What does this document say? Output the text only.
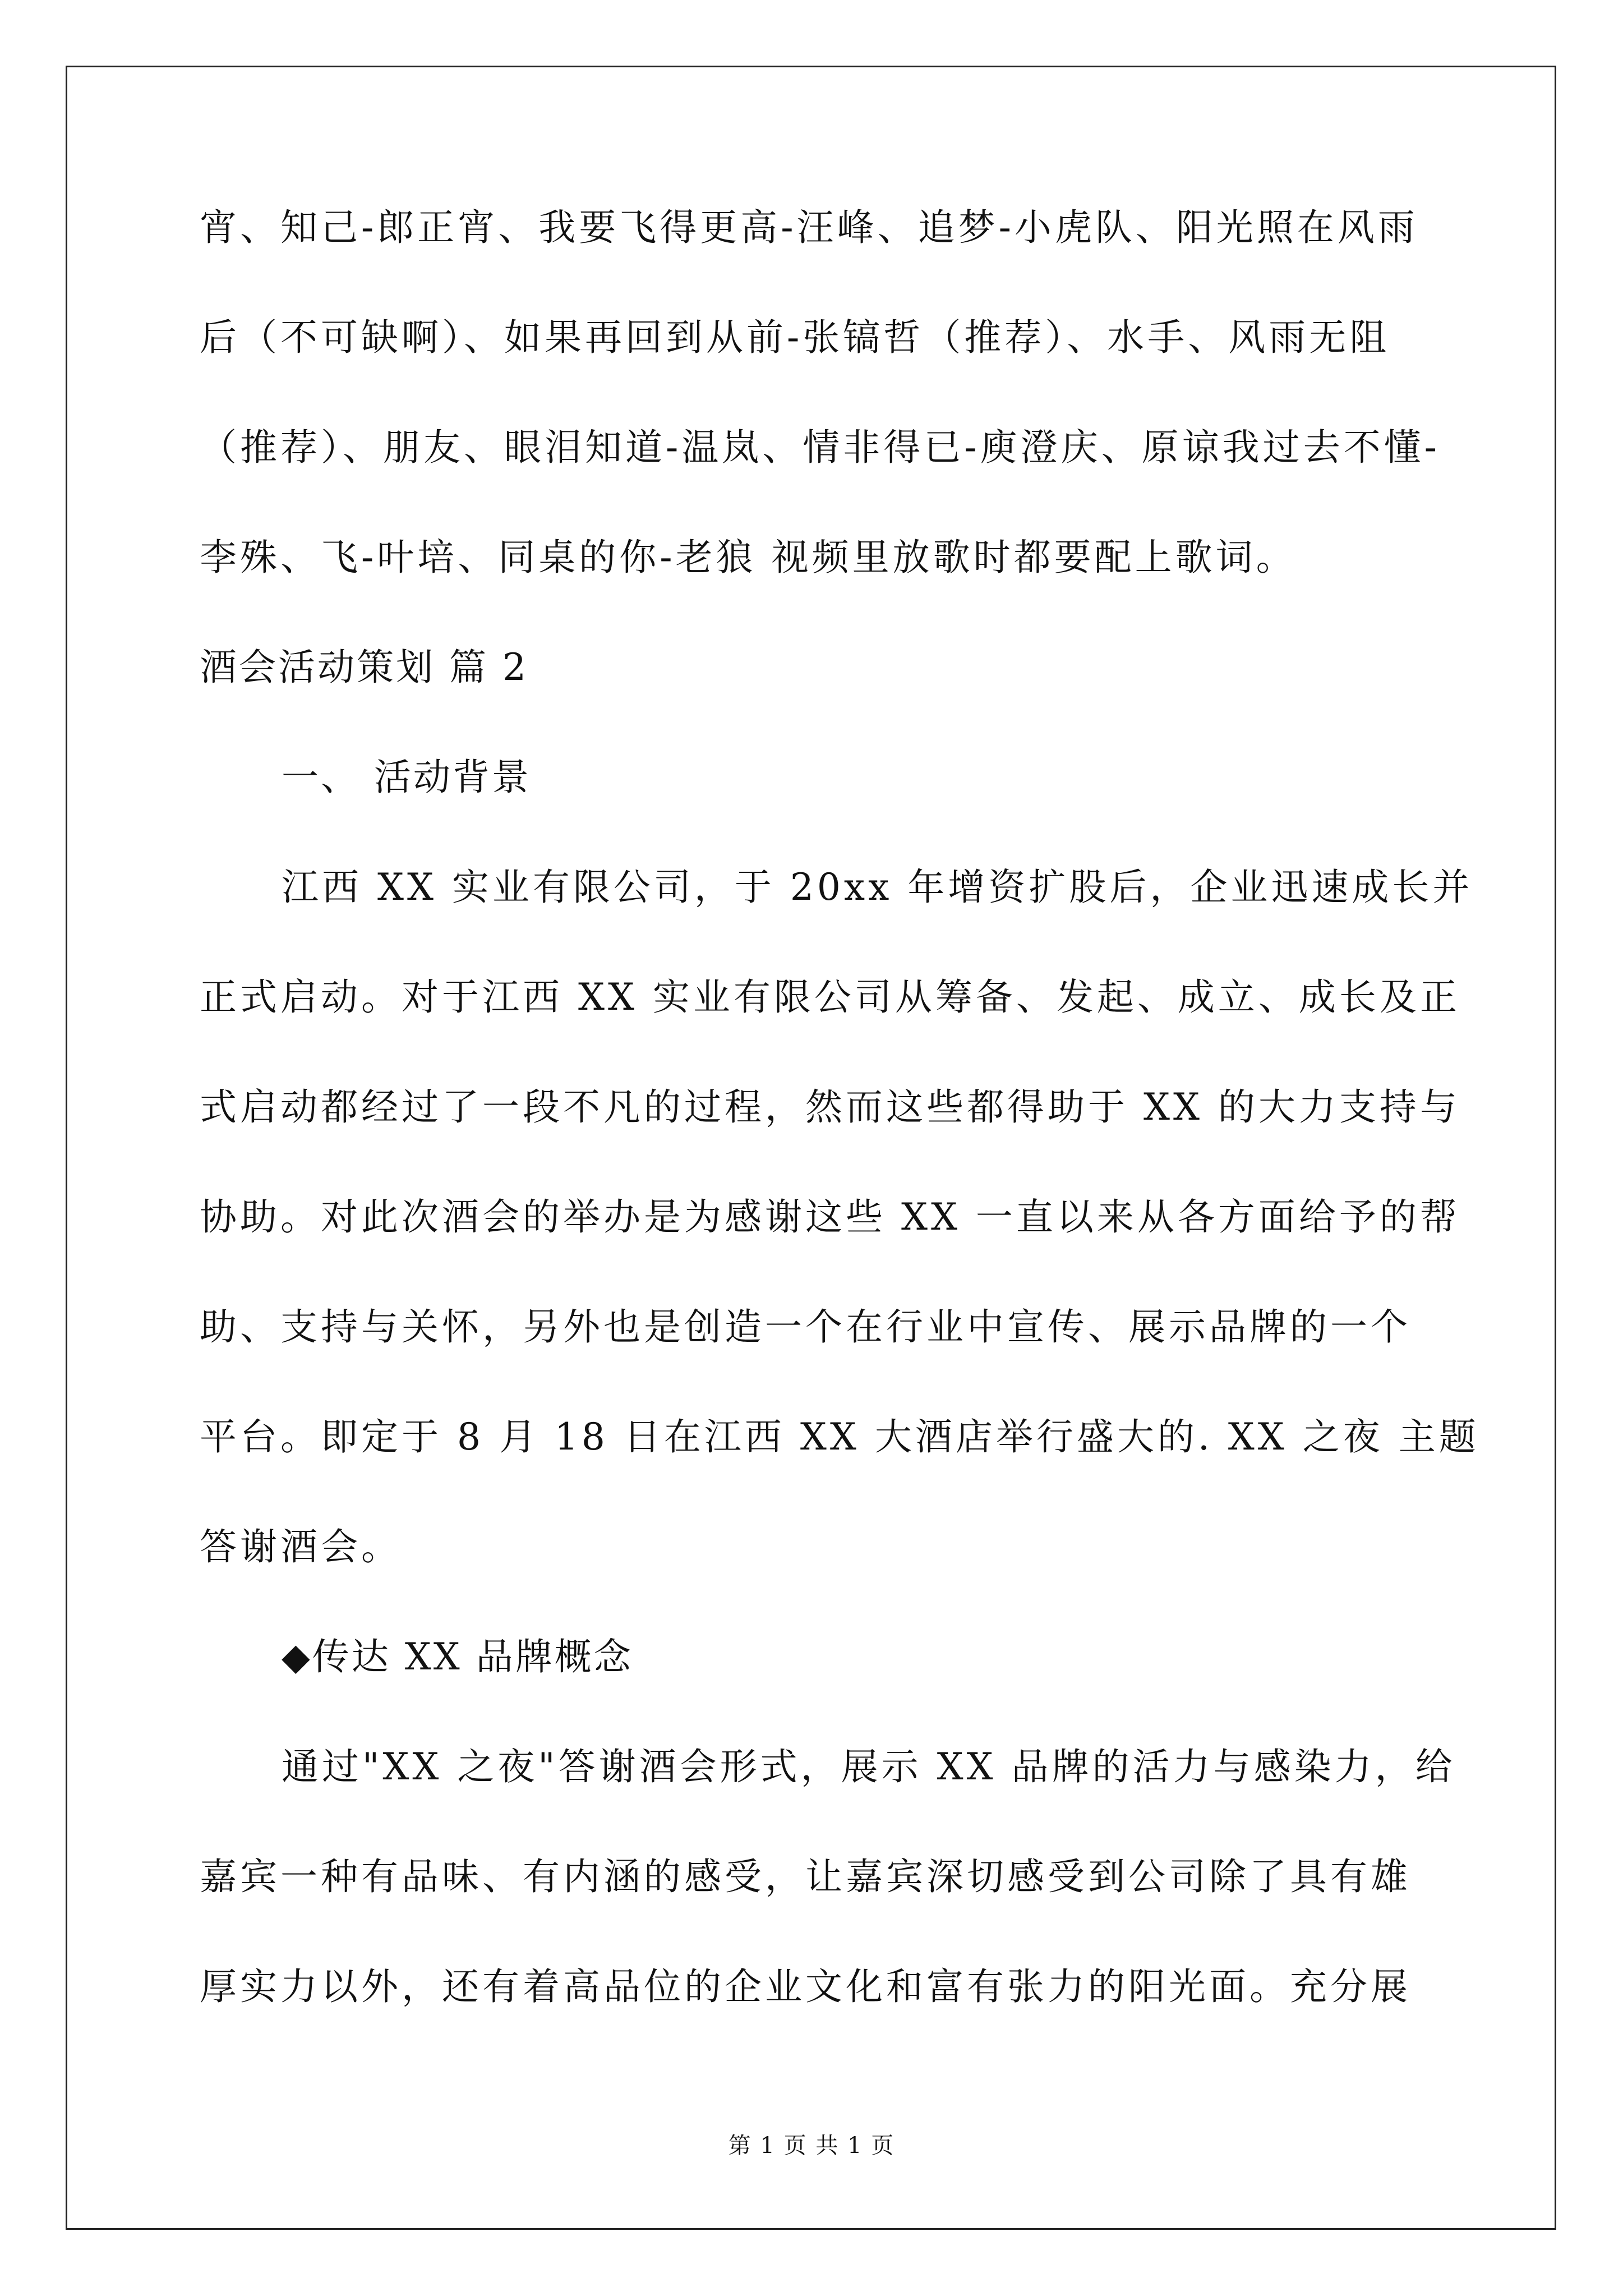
宵、知己-郎正宵、我要飞得更高-汪峰、追梦-小虎队、阳光照在风雨

后（不可缺啊）、如果再回到从前-张镐哲（推荐）、水手、风雨无阻

（推荐）、朋友、眼泪知道-温岚、情非得已-庾澄庆、原谅我过去不懂-

李殊、飞-叶培、同桌的你-老狼 视频里放歌时都要配上歌词。

酒会活动策划 篇 2

一、 活动背景

江西 XX 实业有限公司，于 20xx 年增资扩股后，企业迅速成长并

正式启动。对于江西 XX 实业有限公司从筹备、发起、成立、成长及正

式启动都经过了一段不凡的过程，然而这些都得助于 XX 的大力支持与

协助。对此次酒会的举办是为感谢这些 XX 一直以来从各方面给予的帮

助、支持与关怀，另外也是创造一个在行业中宣传、展示品牌的一个

平台。即定于 8 月 18 日在江西 XX 大酒店举行盛大的. XX 之夜 主题

答谢酒会。

◆传达 XX 品牌概念

通过"XX 之夜"答谢酒会形式，展示 XX 品牌的活力与感染力，给

嘉宾一种有品味、有内涵的感受，让嘉宾深切感受到公司除了具有雄

厚实力以外，还有着高品位的企业文化和富有张力的阳光面。充分展

第 1 页 共 1 页
